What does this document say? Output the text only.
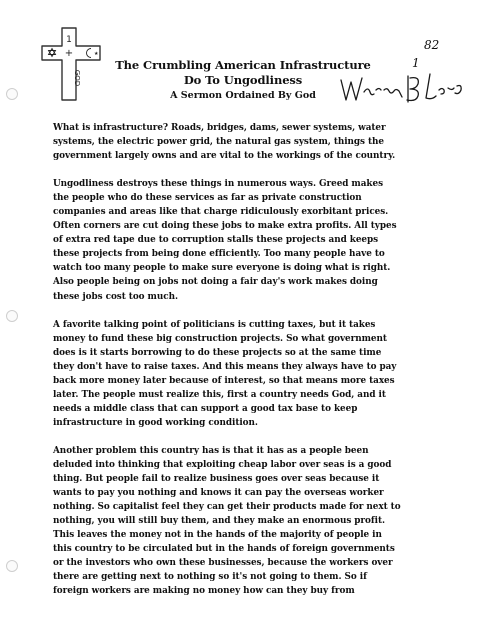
1
+	★
GOD
The Crumbling American Infrastructure
Do To Ungodliness
A Sermon Ordained By God
82
1
What is infrastructure? Roads, bridges, dams, sewer systems, water
systems, the electric power grid, the natural gas system, things the
government largely owns and are vital to the workings of the country.
Ungodliness destroys these things in numerous ways. Greed makes
the people who do these services as far as private construction
companies and areas like that charge ridiculously exorbitant prices.
Often corners are cut doing these jobs to make extra profits. All types
of extra red tape due to corruption stalls these projects and keeps
these projects from being done efficiently. Too many people have to
watch too many people to make sure everyone is doing what is right.
Also people being on jobs not doing a fair day's work makes doing
these jobs cost too much.
A favorite talking point of politicians is cutting taxes, but it takes
money to fund these big construction projects. So what government
does is it starts borrowing to do these projects so at the same time
they don't have to raise taxes. And this means they always have to pay
back more money later because of interest, so that means more taxes
later. The people must realize this, first a country needs God, and it
needs a middle class that can support a good tax base to keep
infrastructure in good working condition.
Another problem this country has is that it has as a people been
deluded into thinking that exploiting cheap labor over seas is a good
thing. But people fail to realize business goes over seas because it
wants to pay you nothing and knows it can pay the overseas worker
nothing. So capitalist feel they can get their products made for next to
nothing, you will still buy them, and they make an enormous profit.
This leaves the money not in the hands of the majority of people in
this country to be circulated but in the hands of foreign governments
or the investors who own these businesses, because the workers over
there are getting next to nothing so it's not going to them. So if
foreign workers are making no money how can they buy from
